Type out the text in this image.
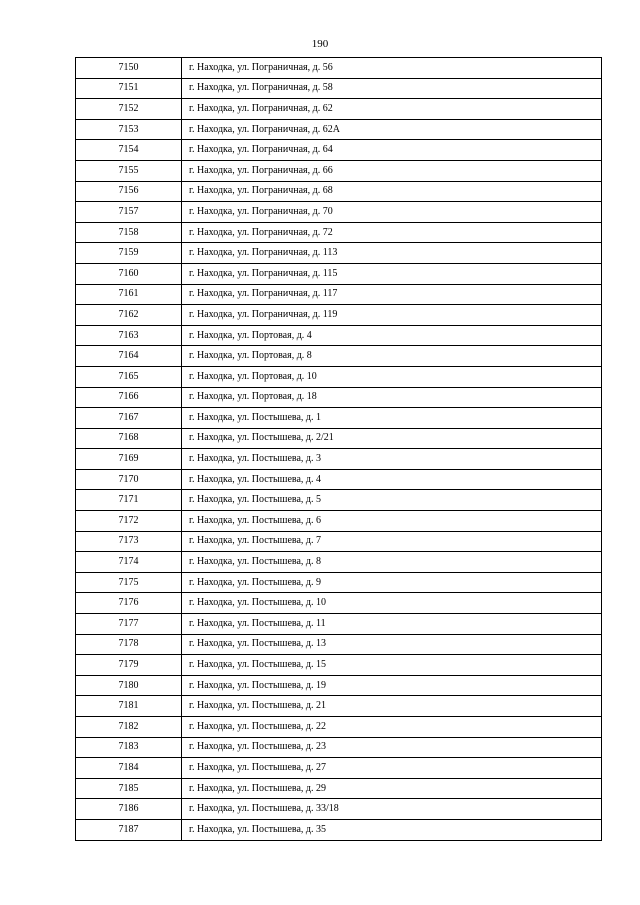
190
7150	г. Находка, ул. Пограничная, д. 56
7151	г. Находка, ул. Пограничная, д. 58
7152	г. Находка, ул. Пограничная, д. 62
7153	г. Находка, ул. Пограничная, д. 62А
7154	г. Находка, ул. Пограничная, д. 64
7155	г. Находка, ул. Пограничная, д. 66
7156	г. Находка, ул. Пограничная, д. 68
7157	г. Находка, ул. Пограничная, д. 70
7158	г. Находка, ул. Пограничная, д. 72
7159	г. Находка, ул. Пограничная, д. 113
7160	г. Находка, ул. Пограничная, д. 115
7161	г. Находка, ул. Пограничная, д. 117
7162	г. Находка, ул. Пограничная, д. 119
7163	г. Находка, ул. Портовая, д. 4
7164	г. Находка, ул. Портовая, д. 8
7165	г. Находка, ул. Портовая, д. 10
7166	г. Находка, ул. Портовая, д. 18
7167	г. Находка, ул. Постышева, д. 1
7168	г. Находка, ул. Постышева, д. 2/21
7169	г. Находка, ул. Постышева, д. 3
7170	г. Находка, ул. Постышева, д. 4
7171	г. Находка, ул. Постышева, д. 5
7172	г. Находка, ул. Постышева, д. 6
7173	г. Находка, ул. Постышева, д. 7
7174	г. Находка, ул. Постышева, д. 8
7175	г. Находка, ул. Постышева, д. 9
7176	г. Находка, ул. Постышева, д. 10
7177	г. Находка, ул. Постышева, д. 11
7178	г. Находка, ул. Постышева, д. 13
7179	г. Находка, ул. Постышева, д. 15
7180	г. Находка, ул. Постышева, д. 19
7181	г. Находка, ул. Постышева, д. 21
7182	г. Находка, ул. Постышева, д. 22
7183	г. Находка, ул. Постышева, д. 23
7184	г. Находка, ул. Постышева, д. 27
7185	г. Находка, ул. Постышева, д. 29
7186	г. Находка, ул. Постышева, д. 33/18
7187	г. Находка, ул. Постышева, д. 35
